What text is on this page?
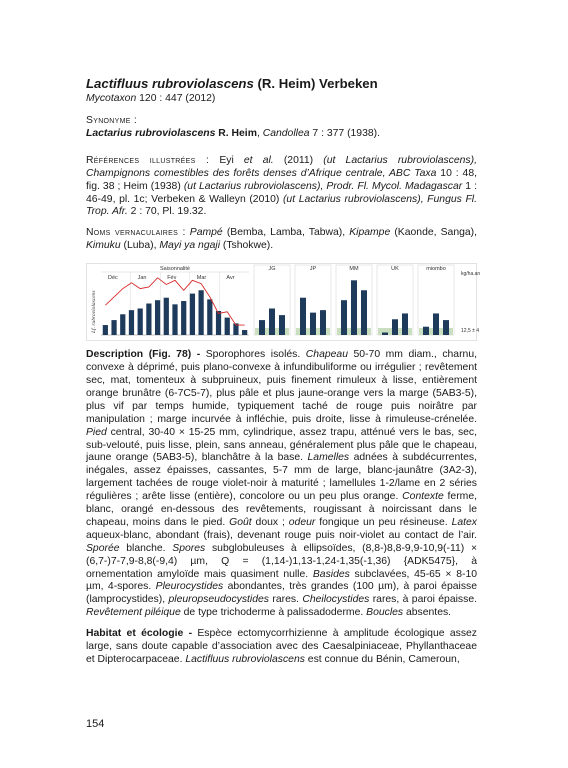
Lactifluus rubroviolascens (R. Heim) Verbeken

Mycotaxon 120 : 447 (2012)

Synonyme :

Lactarius rubroviolascens R. Heim, Candollea 7 : 377 (1938).

Références illustrées : Eyi et al. (2011) (ut Lactarius rubroviolascens), Champignons comestibles des forêts denses d’Afrique centrale, ABC Taxa 10 : 48, fig. 38 ; Heim (1938) (ut Lactarius rubroviolascens), Prodr. Fl. Mycol. Madagascar 1 : 46-49, pl. 1c; Verbeken & Walleyn (2010) (ut Lactarius rubroviolascens), Fungus Fl. Trop. Afr. 2 : 70, Pl. 19.32.

Noms vernaculaires : Pampé (Bemba, Lamba, Tabwa), Kipampe (Kaonde, Sanga), Kimuku (Luba), Mayi ya ngaji (Tshokwe).

Lf. rubroviolascens
Saisonnalité
Déc	Jan	Fév	Mar	Avr
JG	JP	MM	UK	miombo
kg/ha.an
12,5 ± 4

Description (Fig. 78) - Sporophores isolés. Chapeau 50-70 mm diam., charnu, convexe à déprimé, puis plano-convexe à infundibuliforme ou irrégulier ; revêtement sec, mat, tomenteux à subpruineux, puis finement rimuleux à lisse, entièrement orange brunâtre (6-7C5-7), plus pâle et plus jaune-orange vers la marge (5AB3-5), plus vif par temps humide, typiquement taché de rouge puis noirâtre par manipulation ; marge incurvée à infléchie, puis droite, lisse à rimuleuse-crénelée. Pied central, 30-40 × 15-25 mm, cylindrique, assez trapu, atténué vers le bas, sec, sub-velouté, puis lisse, plein, sans anneau, généralement plus pâle que le chapeau, jaune orange (5AB3-5), blanchâtre à la base. Lamelles adnées à subdécurrentes, inégales, assez épaisses, cassantes, 5-7 mm de large, blanc-jaunâtre (3A2-3), largement tachées de rouge violet-noir à maturité ; lamellules 1-2/lame en 2 séries régulières ; arête lisse (entière), concolore ou un peu plus orange. Contexte ferme, blanc, orangé en-dessous des revêtements, rougissant à noircissant dans le chapeau, moins dans le pied. Goût doux ; odeur fongique un peu résineuse. Latex aqueux-blanc, abondant (frais), devenant rouge puis noir-violet au contact de l’air. Sporée blanche. Spores subglobuleuses à ellipsoïdes, (8,8-)8,8-9,9-10,9(-11) × (6,7-)7-7,9-8,8(-9,4) µm, Q = (1,14-)1,13-1,24-1,35(-1,36) {ADK5475}, à ornementation amyloïde mais quasiment nulle. Basides subclavées, 45-65 × 8-10 µm, 4-spores. Pleurocystides abondantes, très grandes (100 µm), à paroi épaisse (lamprocystides), pleuropseudocystides rares. Cheilocystides rares, à paroi épaisse. Revêtement piléique de type trichoderme à palissadoderme. Boucles absentes.

Habitat et écologie - Espèce ectomycorrhizienne à amplitude écologique assez large, sans doute capable d’association avec des Caesalpiniaceae, Phyllanthaceae et Dipterocarpaceae. Lactifluus rubroviolascens est connue du Bénin, Cameroun,

154
